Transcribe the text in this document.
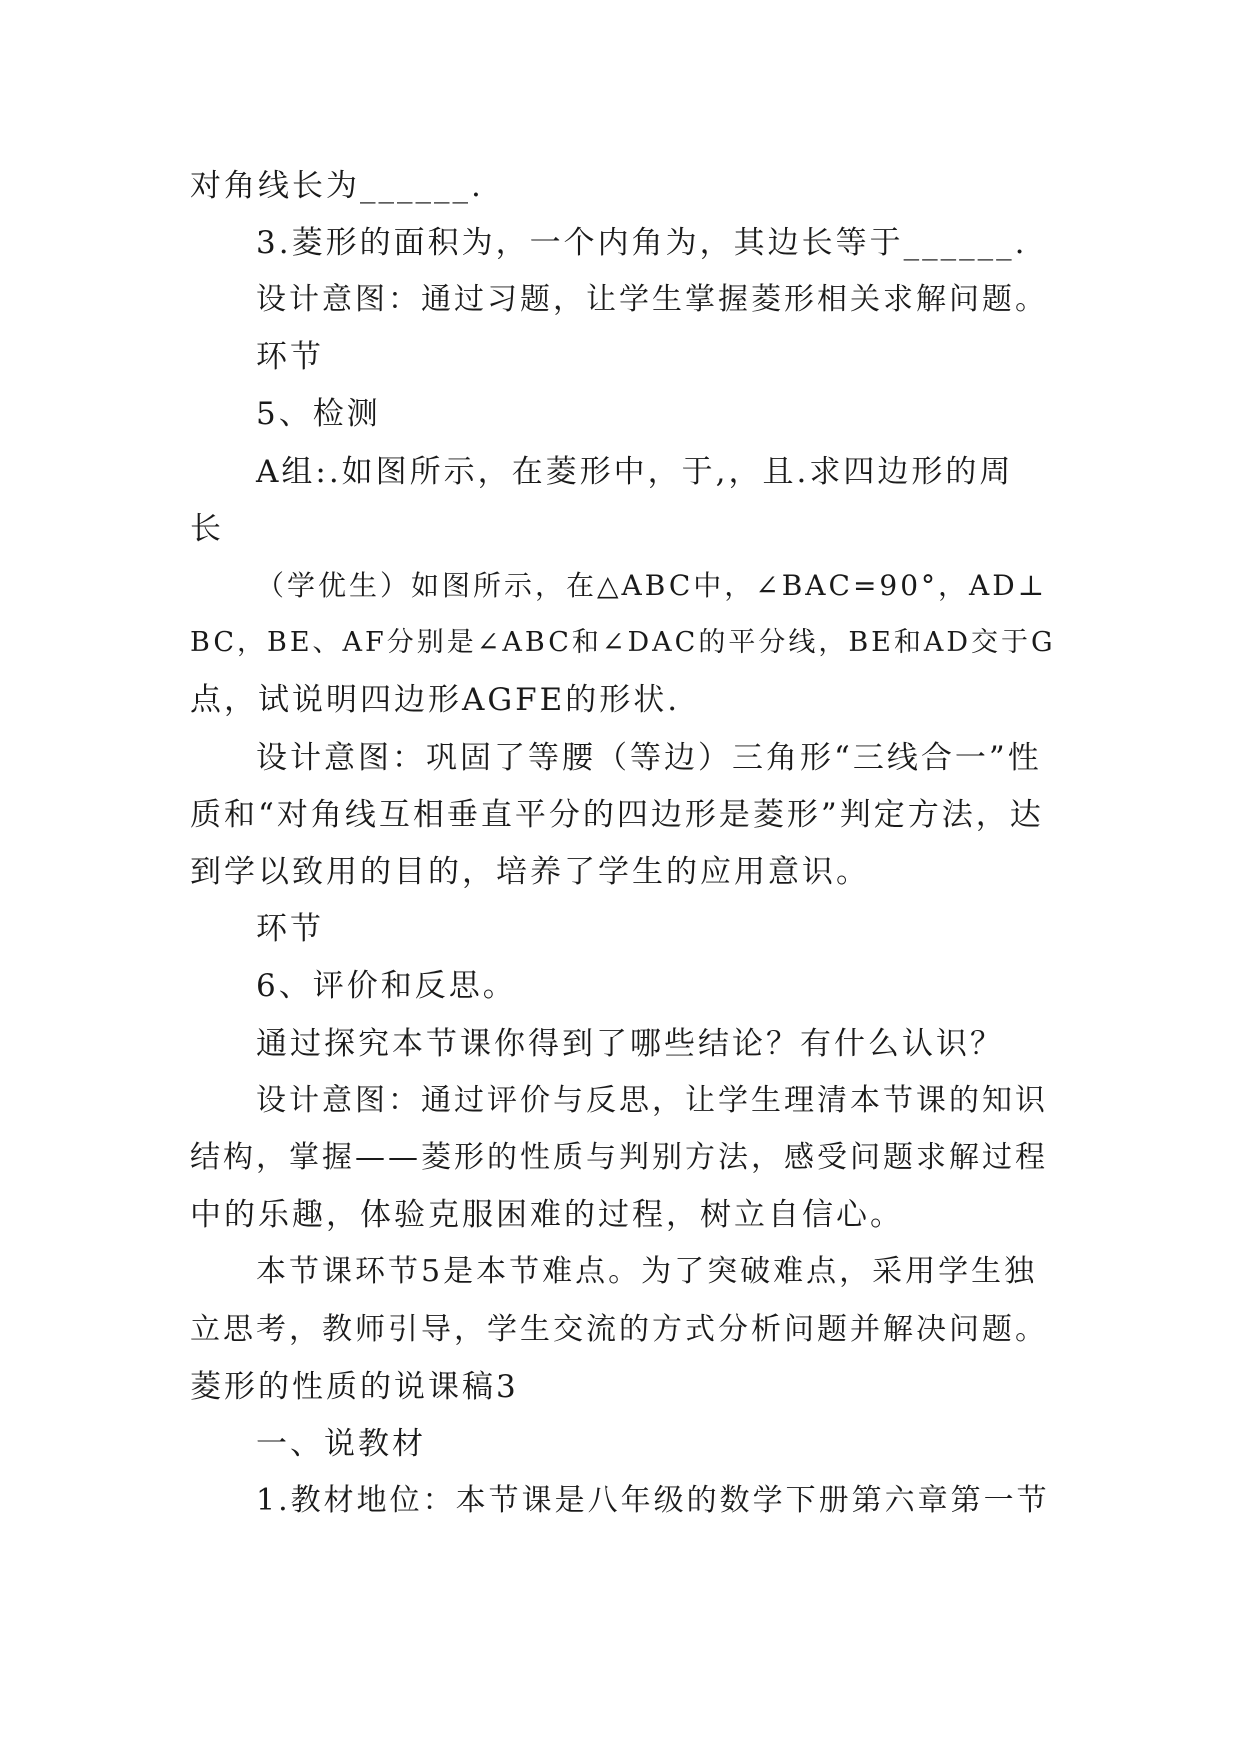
对角线长为______.
3.菱形的面积为，一个内角为，其边长等于______.
设计意图：通过习题，让学生掌握菱形相关求解问题。
环节
5、检测
A组:.如图所示，在菱形中，于,，且.求四边形的周
长
（学优生）如图所示，在△ABC中，∠BAC=90°，AD⊥
BC，BE、AF分别是∠ABC和∠DAC的平分线，BE和AD交于G
点，试说明四边形AGFE的形状.
设计意图：巩固了等腰（等边）三角形“三线合一”性
质和“对角线互相垂直平分的四边形是菱形”判定方法，达
到学以致用的目的，培养了学生的应用意识。
环节
6、评价和反思。
通过探究本节课你得到了哪些结论？有什么认识？
设计意图：通过评价与反思，让学生理清本节课的知识
结构，掌握——菱形的性质与判别方法，感受问题求解过程
中的乐趣，体验克服困难的过程，树立自信心。
本节课环节5是本节难点。为了突破难点，采用学生独
立思考，教师引导，学生交流的方式分析问题并解决问题。
菱形的性质的说课稿3
一、说教材
1.教材地位：本节课是八年级的数学下册第六章第一节
